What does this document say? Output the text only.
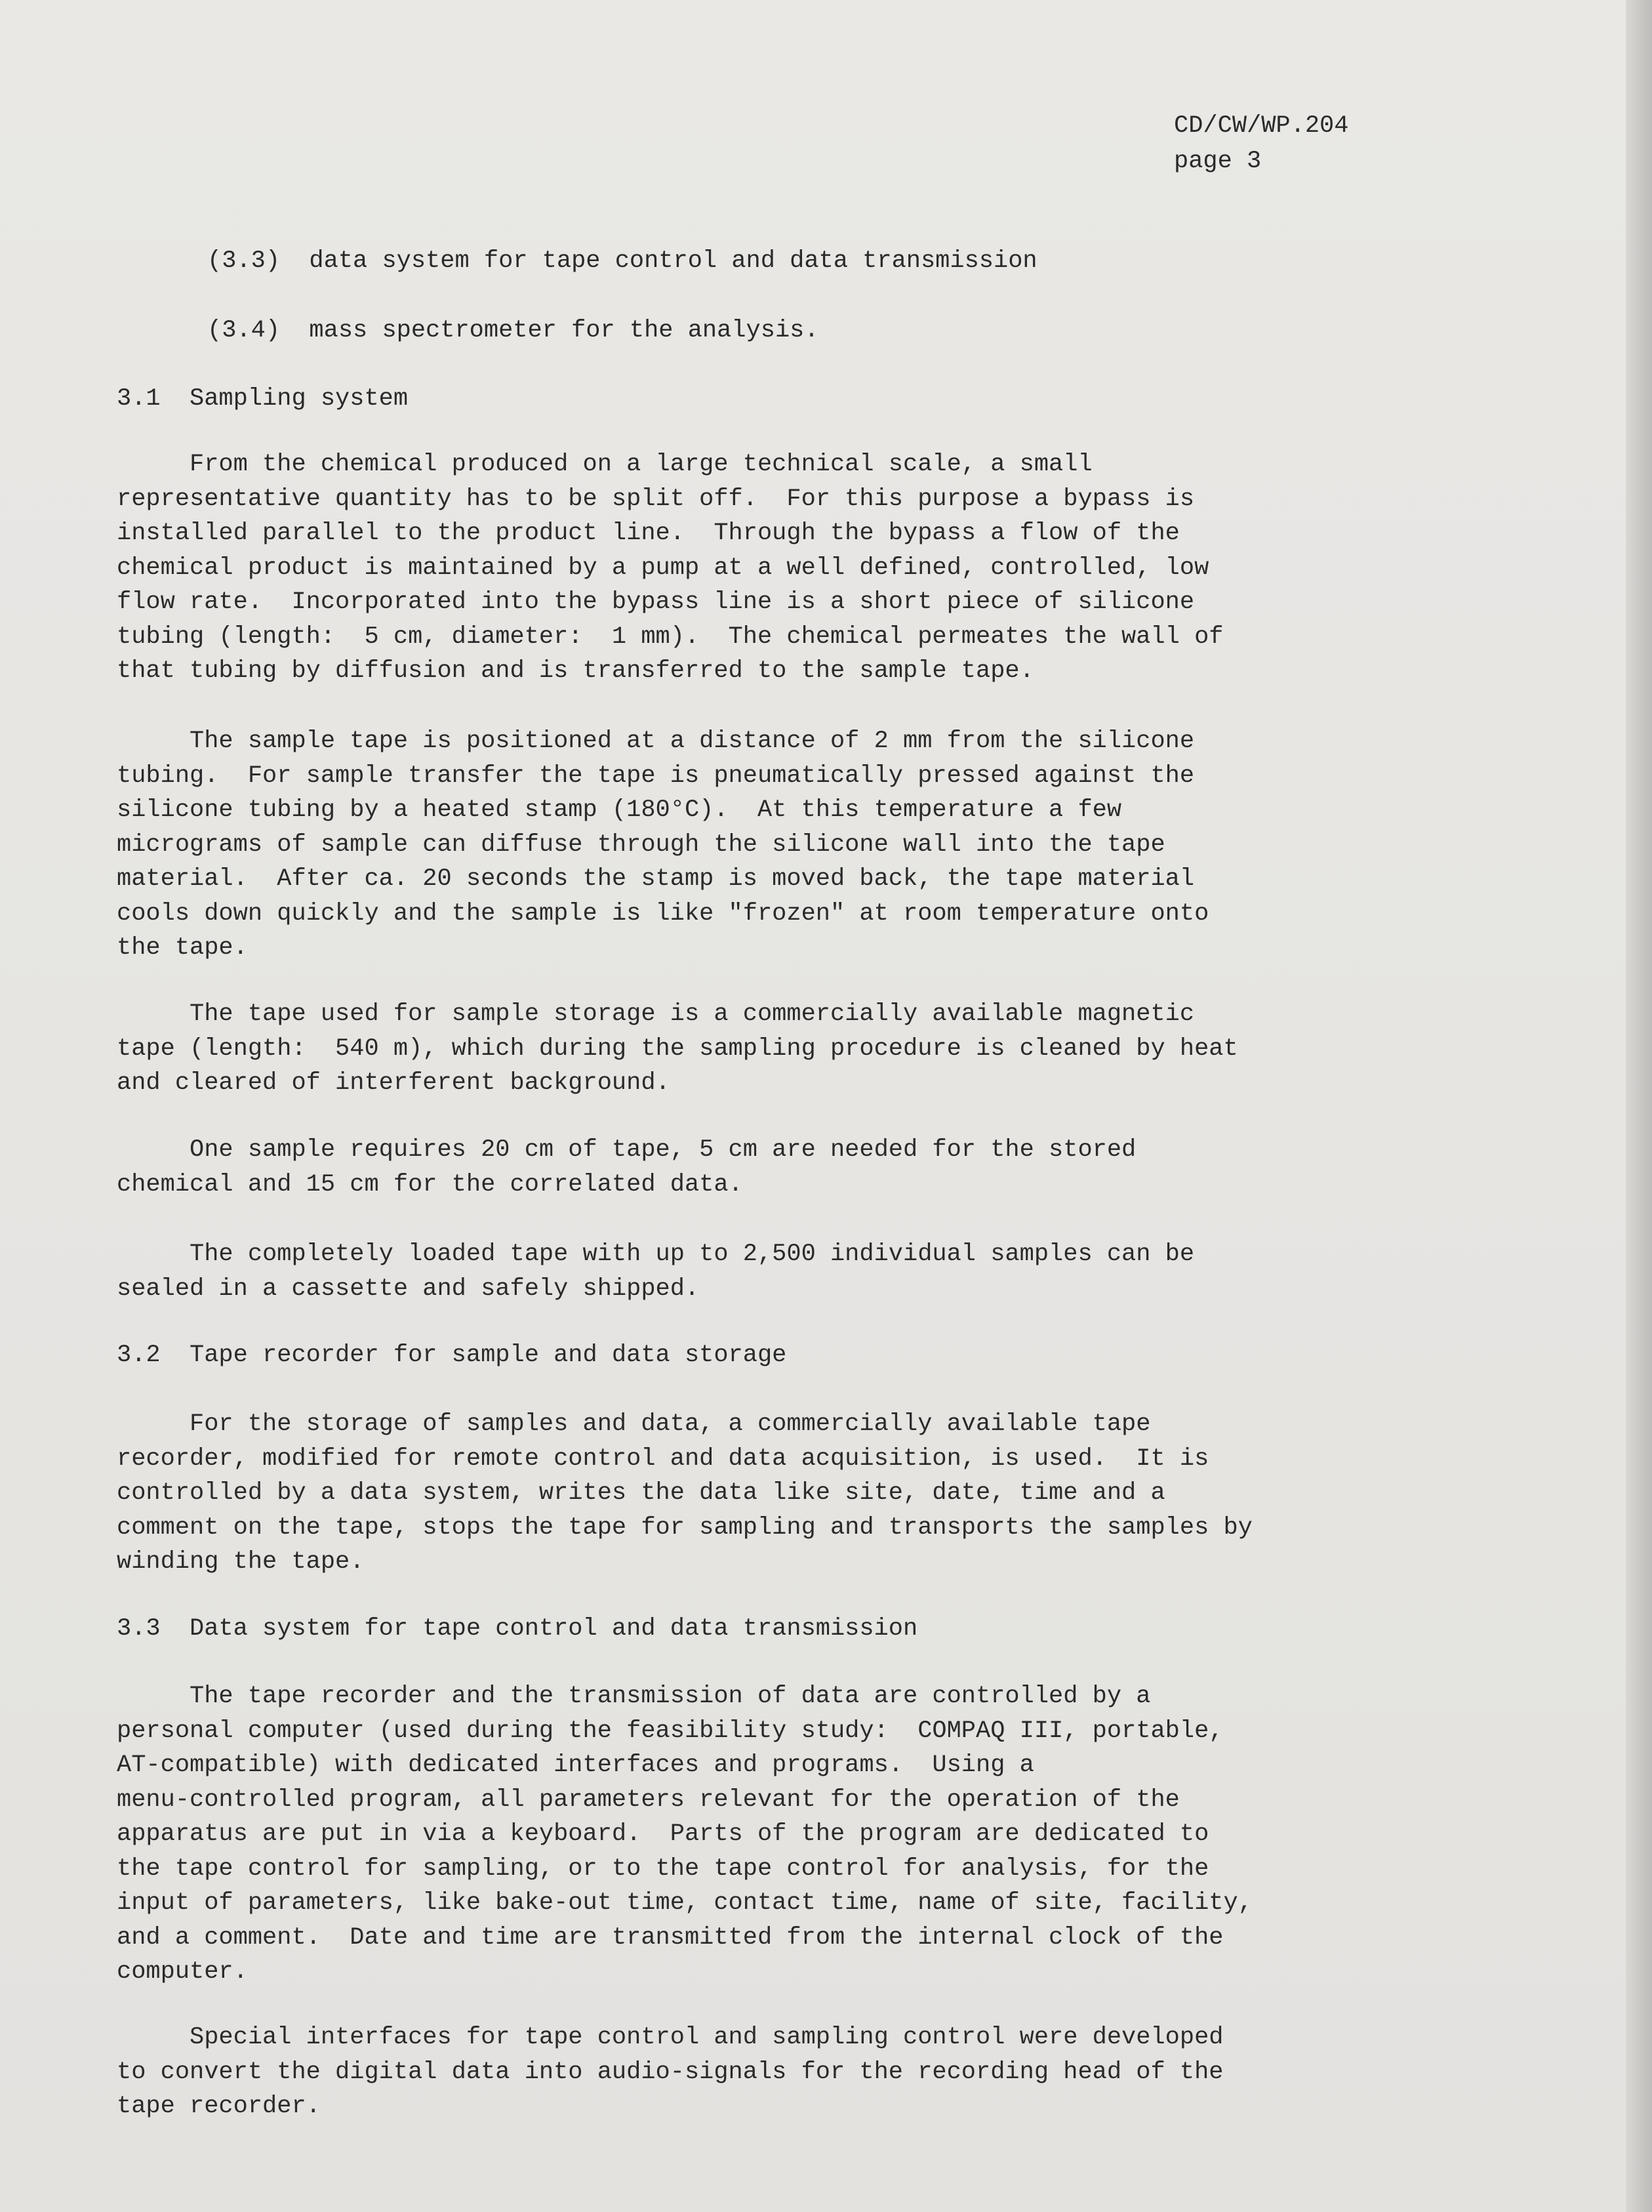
CD/CW/WP.204
page 3
(3.3)  data system for tape control and data transmission
(3.4)  mass spectrometer for the analysis.
3.1  Sampling system
From the chemical produced on a large technical scale, a small
representative quantity has to be split off.  For this purpose a bypass is
installed parallel to the product line.  Through the bypass a flow of the
chemical product is maintained by a pump at a well defined, controlled, low
flow rate.  Incorporated into the bypass line is a short piece of silicone
tubing (length:  5 cm, diameter:  1 mm).  The chemical permeates the wall of
that tubing by diffusion and is transferred to the sample tape.
The sample tape is positioned at a distance of 2 mm from the silicone
tubing.  For sample transfer the tape is pneumatically pressed against the
silicone tubing by a heated stamp (180°C).  At this temperature a few
micrograms of sample can diffuse through the silicone wall into the tape
material.  After ca. 20 seconds the stamp is moved back, the tape material
cools down quickly and the sample is like "frozen" at room temperature onto
the tape.
The tape used for sample storage is a commercially available magnetic
tape (length:  540 m), which during the sampling procedure is cleaned by heat
and cleared of interferent background.
One sample requires 20 cm of tape, 5 cm are needed for the stored
chemical and 15 cm for the correlated data.
The completely loaded tape with up to 2,500 individual samples can be
sealed in a cassette and safely shipped.
3.2  Tape recorder for sample and data storage
For the storage of samples and data, a commercially available tape
recorder, modified for remote control and data acquisition, is used.  It is
controlled by a data system, writes the data like site, date, time and a
comment on the tape, stops the tape for sampling and transports the samples by
winding the tape.
3.3  Data system for tape control and data transmission
The tape recorder and the transmission of data are controlled by a
personal computer (used during the feasibility study:  COMPAQ III, portable,
AT-compatible) with dedicated interfaces and programs.  Using a
menu-controlled program, all parameters relevant for the operation of the
apparatus are put in via a keyboard.  Parts of the program are dedicated to
the tape control for sampling, or to the tape control for analysis, for the
input of parameters, like bake-out time, contact time, name of site, facility,
and a comment.  Date and time are transmitted from the internal clock of the
computer.
Special interfaces for tape control and sampling control were developed
to convert the digital data into audio-signals for the recording head of the
tape recorder.
